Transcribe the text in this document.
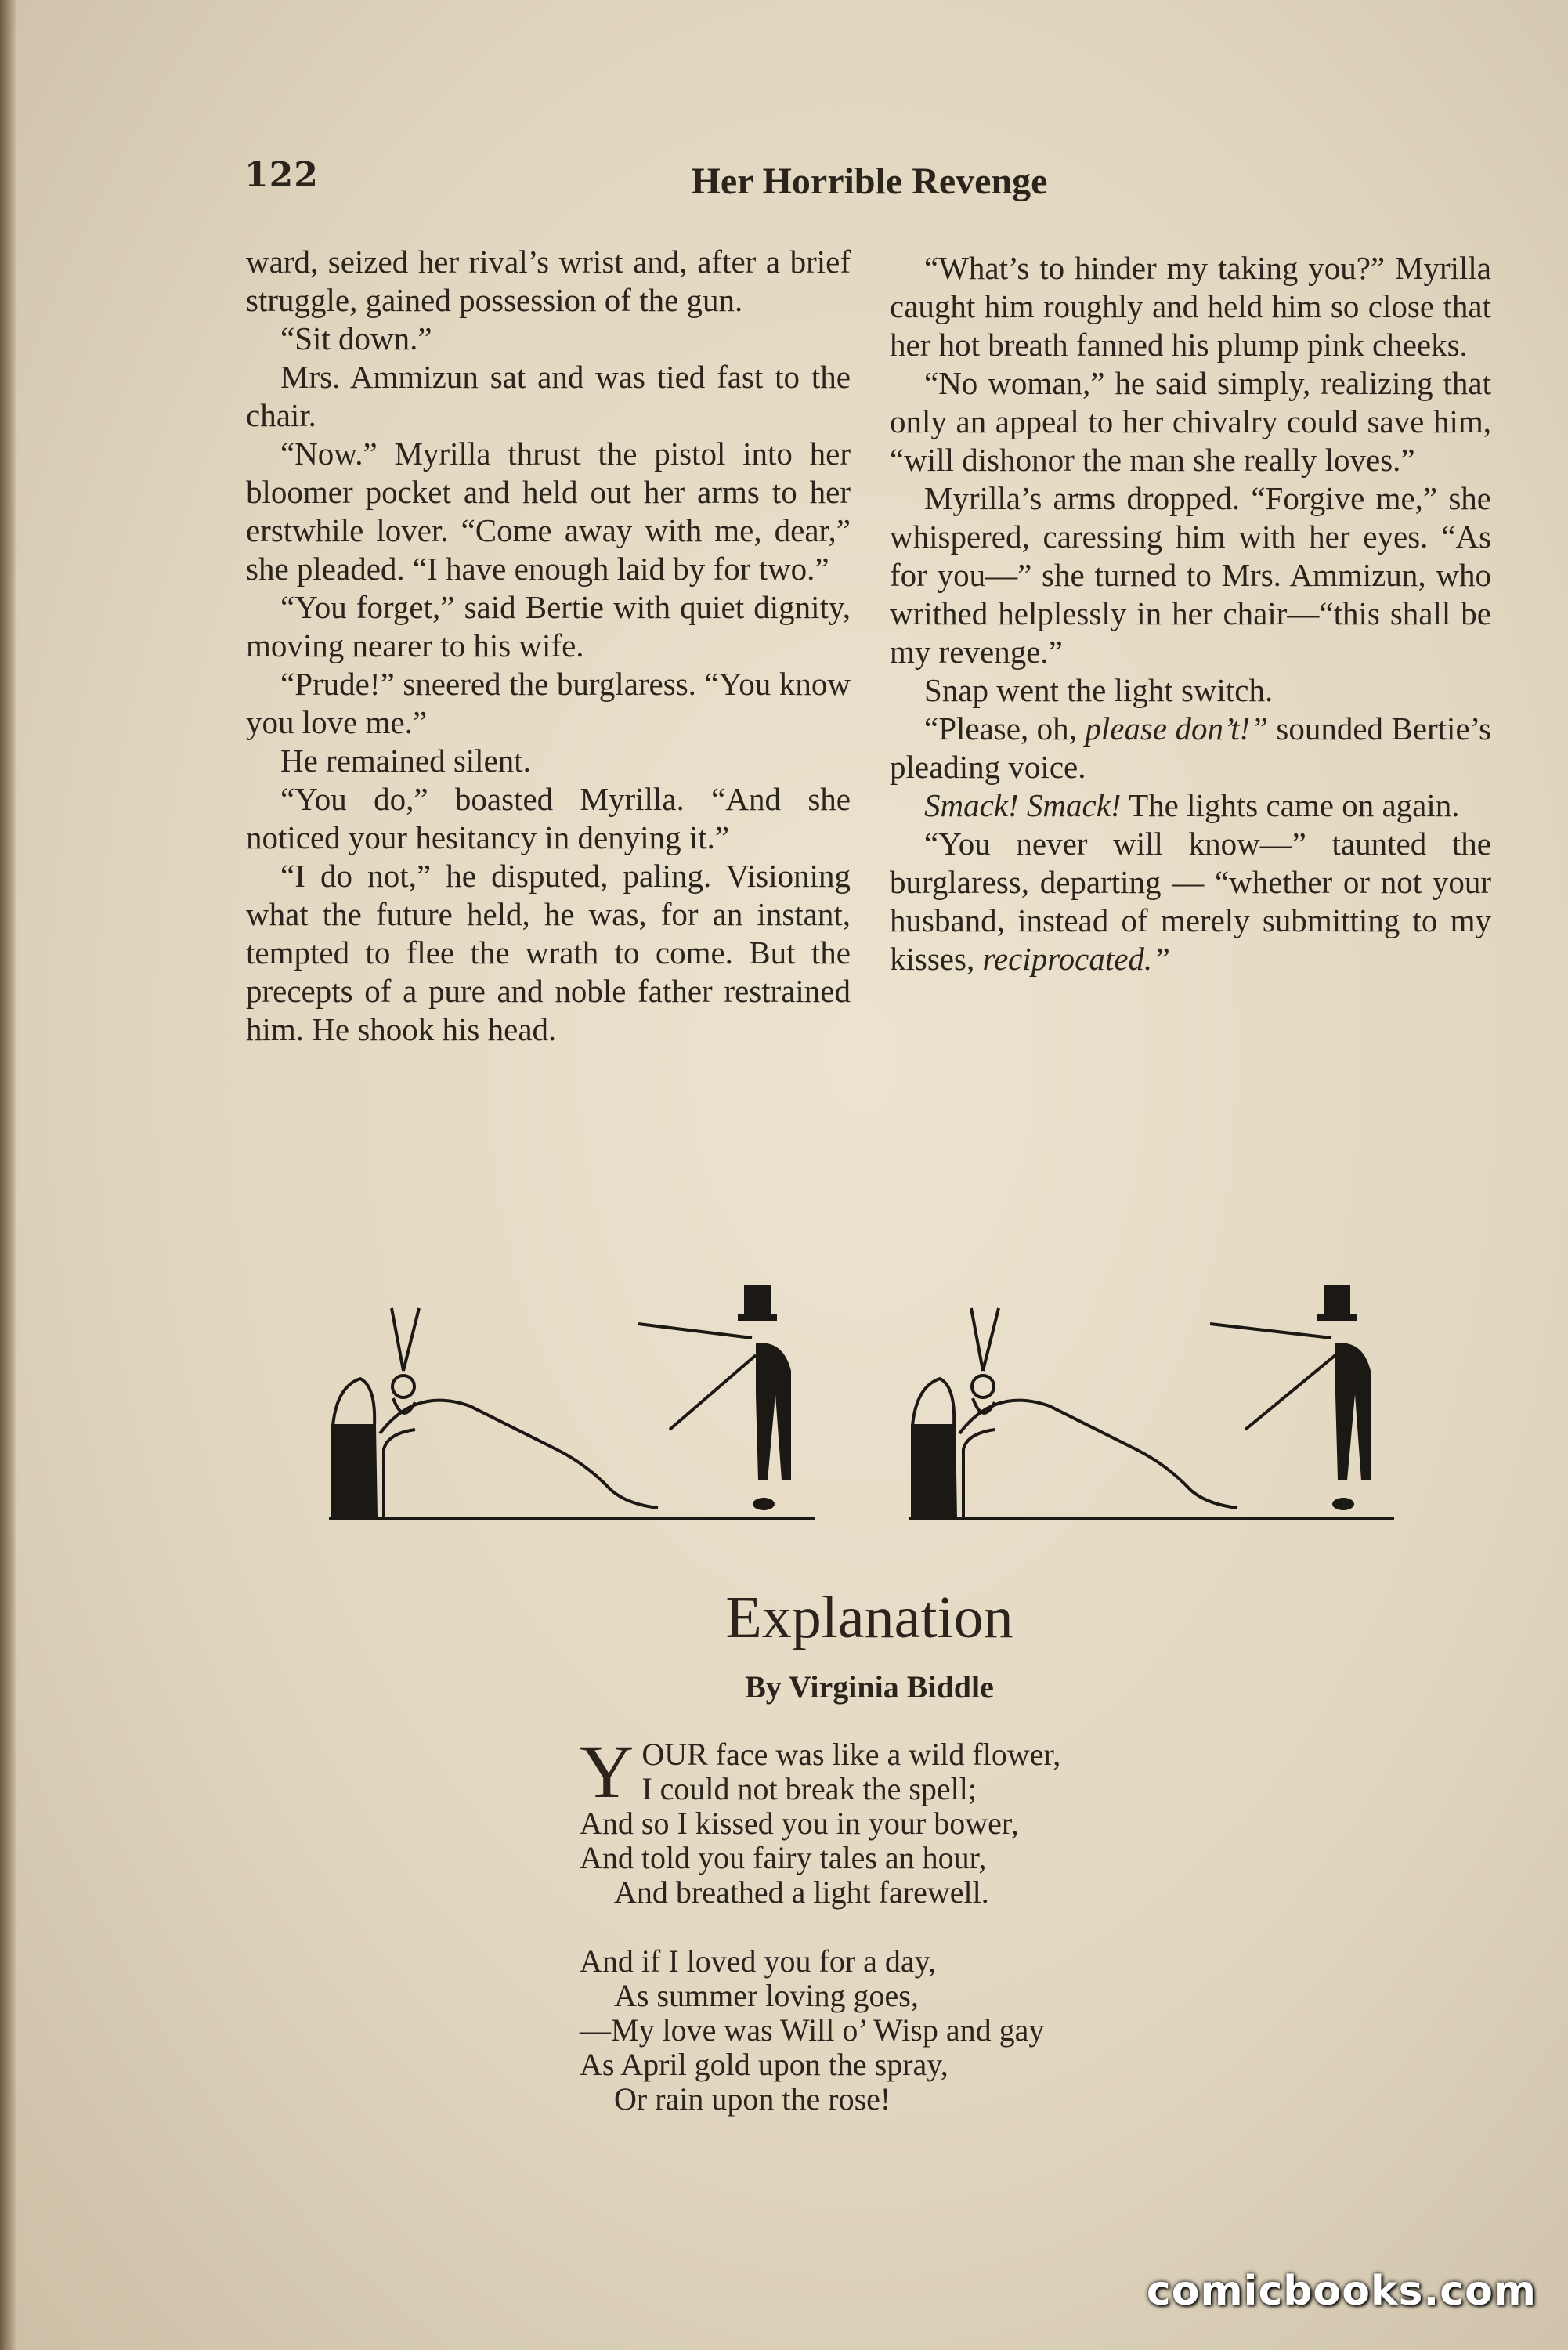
122	Her Horrible Revenge

ward, seized her rival’s wrist and, after a brief struggle, gained possession of the gun.

“Sit down.”

Mrs. Ammizun sat and was tied fast to the chair.

“Now.” Myrilla thrust the pistol into her bloomer pocket and held out her arms to her erstwhile lover. “Come away with me, dear,” she pleaded. “I have enough laid by for two.”

“You forget,” said Bertie with quiet dignity, moving nearer to his wife.

“Prude!” sneered the burglaress. “You know you love me.”

He remained silent.

“You do,” boasted Myrilla. “And she noticed your hesitancy in denying it.”

“I do not,” he disputed, paling. Visioning what the future held, he was, for an instant, tempted to flee the wrath to come. But the precepts of a pure and noble father restrained him. He shook his head.

“What’s to hinder my taking you?” Myrilla caught him roughly and held him so close that her hot breath fanned his plump pink cheeks.

“No woman,” he said simply, realizing that only an appeal to her chivalry could save him, “will dishonor the man she really loves.”

Myrilla’s arms dropped. “Forgive me,” she whispered, caressing him with her eyes. “As for you—” she turned to Mrs. Ammizun, who writhed helplessly in her chair—“this shall be my revenge.”

Snap went the light switch.

“Please, oh, please don’t!” sounded Bertie’s pleading voice.

Smack! Smack! The lights came on again.

“You never will know—” taunted the burglaress, departing — “whether or not your husband, instead of merely submitting to my kisses, reciprocated.”

Explanation
By Virginia Biddle
Y OUR face was like a wild flower,
I could not break the spell;
And so I kissed you in your bower,
And told you fairy tales an hour,
And breathed a light farewell.
And if I loved you for a day,
As summer loving goes,
—My love was Will o’ Wisp and gay
As April gold upon the spray,
Or rain upon the rose!
comicbooks.com
